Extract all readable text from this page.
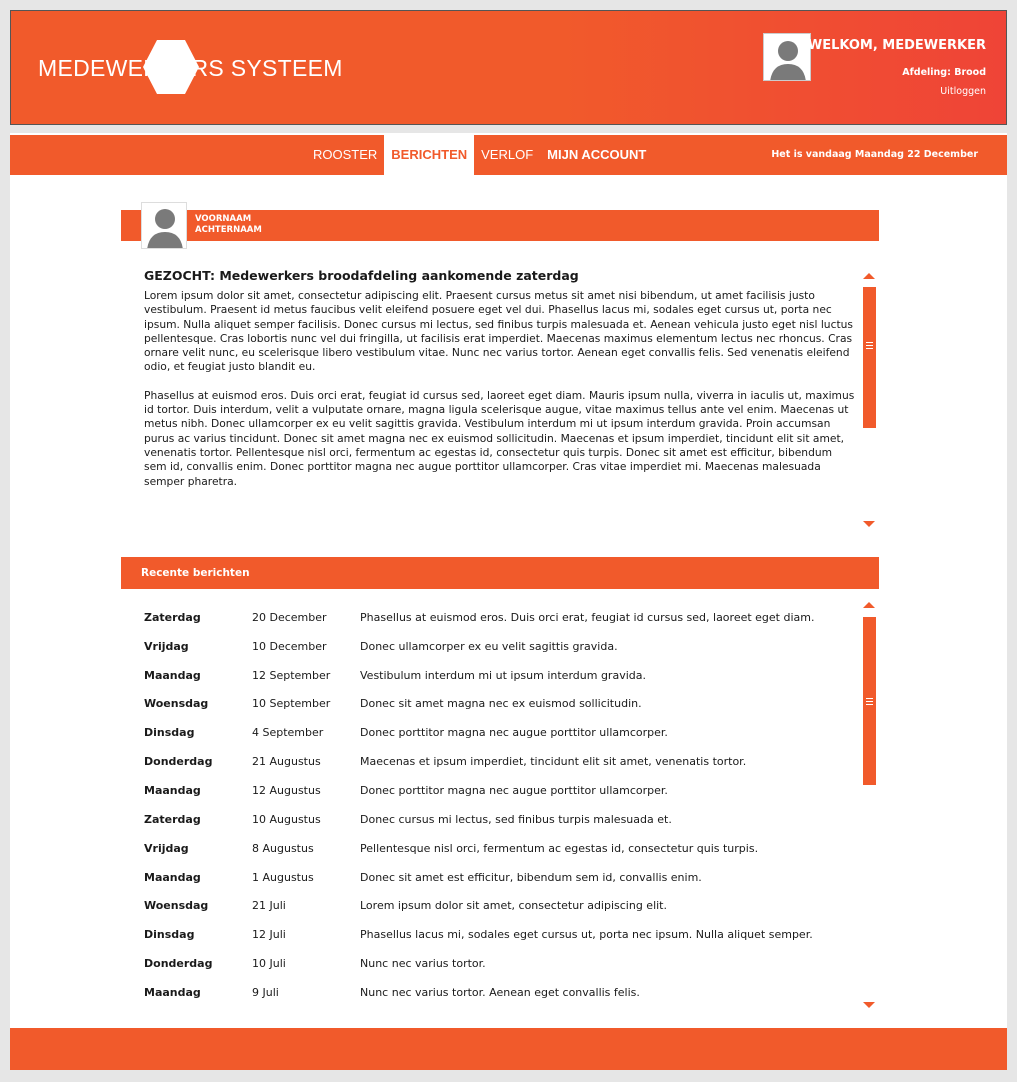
MEDEWERKERS SYSTEEM
WELKOM, MEDEWERKER
Afdeling: Brood
Uitloggen
ROOSTER	BERICHTEN	VERLOF	MIJN ACCOUNT	Het is vandaag Maandag 22 December
VOORNAAM
ACHTERNAAM
GEZOCHT: Medewerkers broodafdeling aankomende zaterdag

Lorem ipsum dolor sit amet, consectetur adipiscing elit. Praesent cursus metus sit amet nisi bibendum, ut amet facilisis justo vestibulum. Praesent id metus faucibus velit eleifend posuere eget vel dui. Phasellus lacus mi, sodales eget cursus ut, porta nec ipsum. Nulla aliquet semper facilisis. Donec cursus mi lectus, sed finibus turpis malesuada et. Aenean vehicula justo eget nisl luctus pellentesque. Cras lobortis nunc vel dui fringilla, ut facilisis erat imperdiet. Maecenas maximus elementum lectus nec rhoncus. Cras ornare velit nunc, eu scelerisque libero vestibulum vitae. Nunc nec varius tortor. Aenean eget convallis felis. Sed venenatis eleifend odio, et feugiat justo blandit eu.

Phasellus at euismod eros. Duis orci erat, feugiat id cursus sed, laoreet eget diam. Mauris ipsum nulla, viverra in iaculis ut, maximus id tortor. Duis interdum, velit a vulputate ornare, magna ligula scelerisque augue, vitae maximus tellus ante vel enim. Maecenas ut metus nibh. Donec ullamcorper ex eu velit sagittis gravida. Vestibulum interdum mi ut ipsum interdum gravida. Proin accumsan purus ac varius tincidunt. Donec sit amet magna nec ex euismod sollicitudin. Maecenas et ipsum imperdiet, tincidunt elit sit amet, venenatis tortor. Pellentesque nisl orci, fermentum ac egestas id, consectetur quis turpis. Donec sit amet est efficitur, bibendum sem id, convallis enim. Donec porttitor magna nec augue porttitor ullamcorper. Cras vitae imperdiet mi. Maecenas malesuada semper pharetra.

Recente berichten
Zaterdag	20 December	Phasellus at euismod eros. Duis orci erat, feugiat id cursus sed, laoreet eget diam.
Vrijdag	10 December	Donec ullamcorper ex eu velit sagittis gravida.
Maandag	12 September	Vestibulum interdum mi ut ipsum interdum gravida.
Woensdag	10 September	Donec sit amet magna nec ex euismod sollicitudin.
Dinsdag	4 September	Donec porttitor magna nec augue porttitor ullamcorper.
Donderdag	21 Augustus	Maecenas et ipsum imperdiet, tincidunt elit sit amet, venenatis tortor.
Maandag	12 Augustus	Donec porttitor magna nec augue porttitor ullamcorper.
Zaterdag	10 Augustus	Donec cursus mi lectus, sed finibus turpis malesuada et.
Vrijdag	8 Augustus	Pellentesque nisl orci, fermentum ac egestas id, consectetur quis turpis.
Maandag	1 Augustus	Donec sit amet est efficitur, bibendum sem id, convallis enim.
Woensdag	21 Juli	Lorem ipsum dolor sit amet, consectetur adipiscing elit.
Dinsdag	12 Juli	Phasellus lacus mi, sodales eget cursus ut, porta nec ipsum. Nulla aliquet semper.
Donderdag	10 Juli	Nunc nec varius tortor.
Maandag	9 Juli	Nunc nec varius tortor. Aenean eget convallis felis.
